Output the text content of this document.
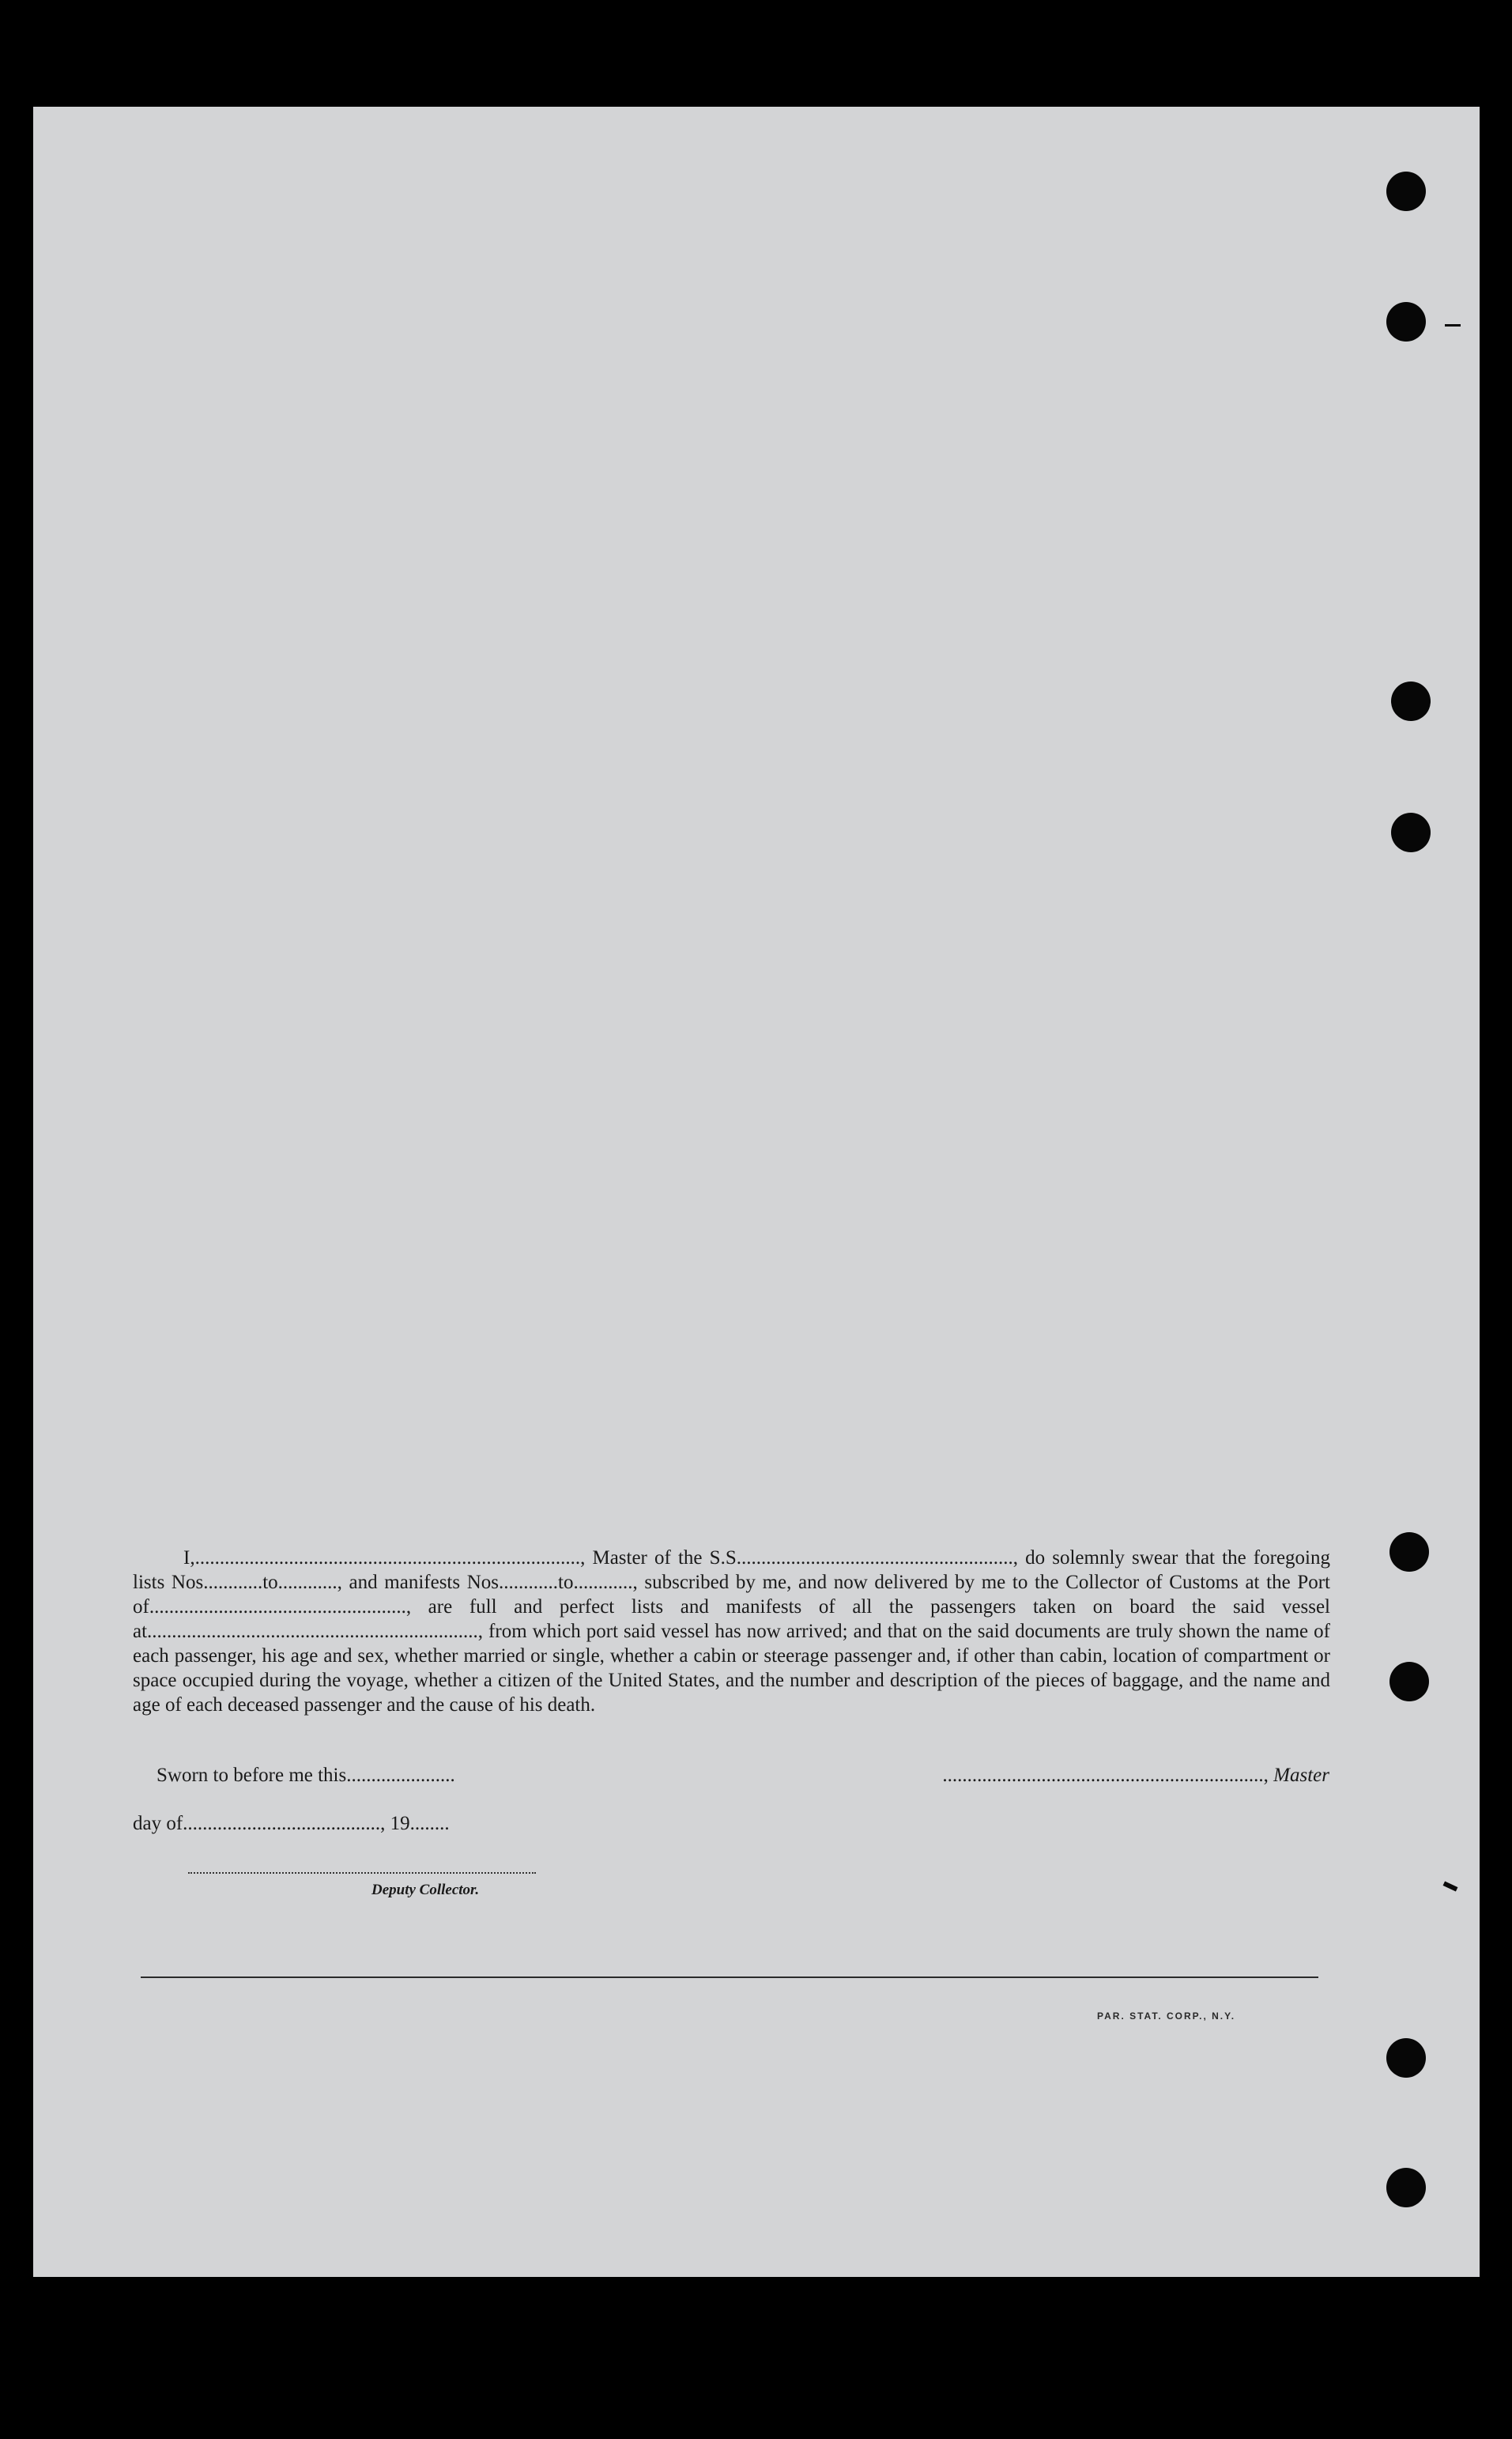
I,.............................................................................., Master of the S.S........................................................, do solemnly swear that the foregoing lists Nos............to............, and manifests Nos............to............, subscribed by me, and now delivered by me to the Collector of Customs at the Port of...................................................., are full and perfect lists and manifests of all the passengers taken on board the said vessel at..................................................................., from which port said vessel has now arrived; and that on the said documents are truly shown the name of each passenger, his age and sex, whether married or single, whether a cabin or steerage passenger and, if other than cabin, location of compartment or space occupied during the voyage, whether a citizen of the United States, and the number and description of the pieces of baggage, and the name and age of each deceased passenger and the cause of his death.

Sworn to before me this......................	................................................................., Master
day of........................................, 19........
Deputy Collector.
PAR. STAT. CORP., N.Y.
